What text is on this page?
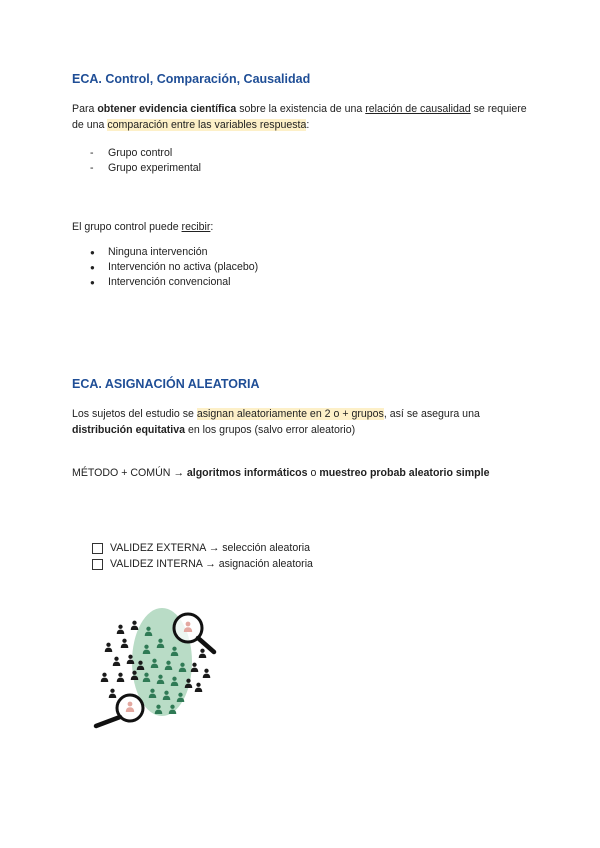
ECA. Control, Comparación, Causalidad

Para obtener evidencia científica sobre la existencia de una relación de causalidad se requiere de una comparación entre las variables respuesta:

- Grupo control
- Grupo experimental

El grupo control puede recibir:

● Ninguna intervención
● Intervención no activa (placebo)
● Intervención convencional
ECA. ASIGNACIÓN ALEATORIA

Los sujetos del estudio se asignan aleatoriamente en 2 o + grupos, así se asegura una distribución equitativa en los grupos (salvo error aleatorio)

MÉTODO + COMÚN → algoritmos informáticos o muestreo probab aleatorio simple

VALIDEZ EXTERNA → selección aleatoria
VALIDEZ INTERNA → asignación aleatoria
